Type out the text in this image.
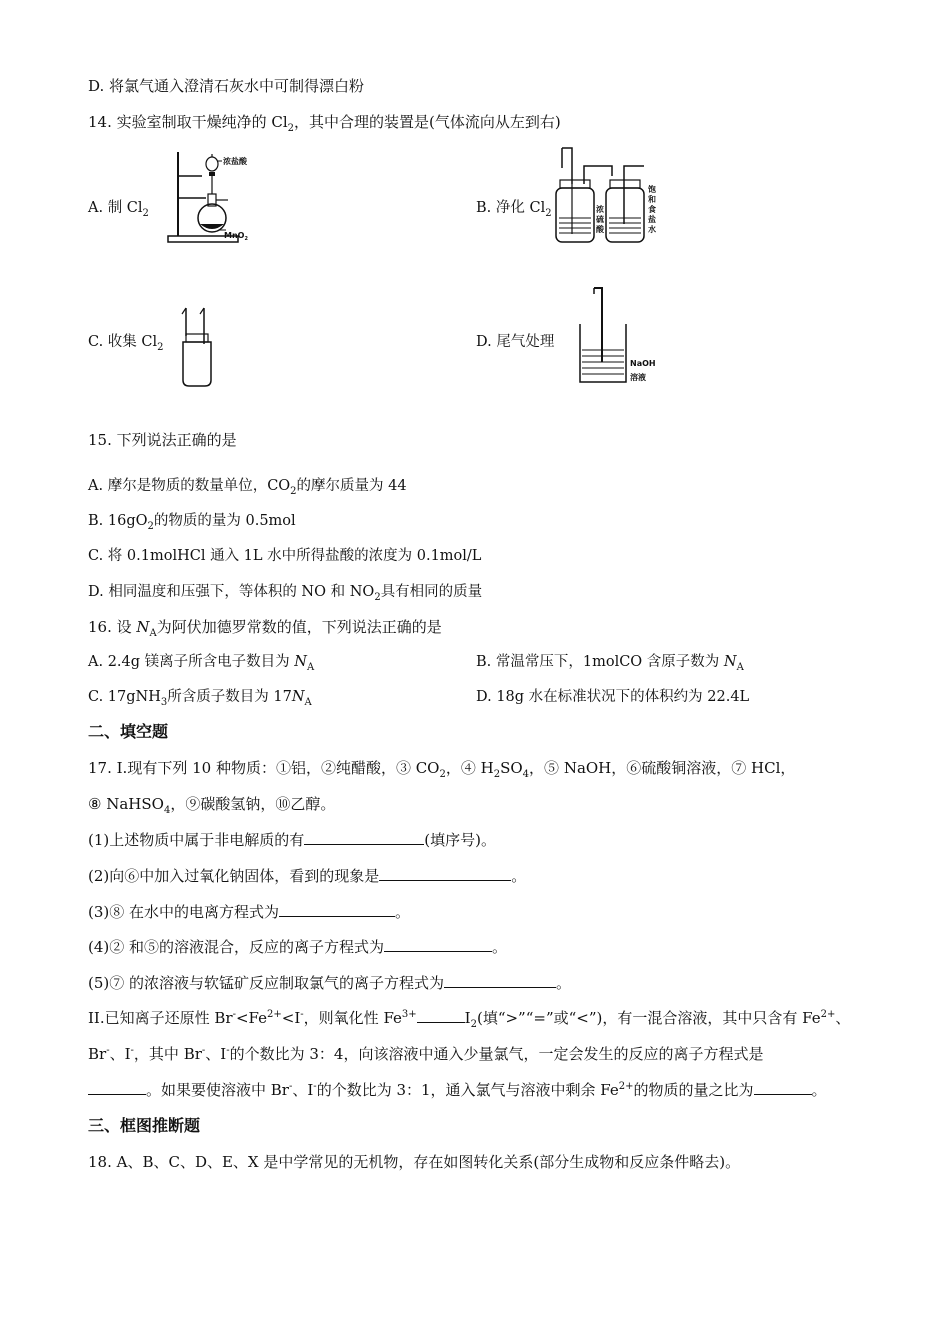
D. 将氯气通入澄清石灰水中可制得漂白粉
14. 实验室制取干燥纯净的 $Cl_2$，其中合理的装置是(气体流向从左到右)
A. 制 $Cl_2$	B. 净化 $Cl_2$
C. 收集 $Cl_2$	D. 尾气处理
浓盐酸
MnO$_2$
浓
硫
酸
饱
和
食
盐
水
NaOH
溶液
15. 下列说法正确的是
A. 摩尔是物质的数量单位，$CO_2$的摩尔质量为 44
B. $16gO_2$的物质的量为 0.5mol
C. 将 0.1molHCl 通入 1L 水中所得盐酸的浓度为 0.1mol/L
D. 相同温度和压强下，等体积的 NO 和 $NO_2$具有相同的质量
16. 设 $N_A$为阿伏加德罗常数的值，下列说法正确的是
A. 2.4g 镁离子所含电子数目为 $N_A$	B. 常温常压下，1molCO 含原子数为 $N_A$
C. 17gNH$_3$所含质子数目为 $17N_A$	D. 18g 水在标准状况下的体积约为 22.4L
二、填空题
17. I.现有下列 10 种物质：①铝，②纯醋酸，③ $CO_2$，④ $H_2SO_4$，⑤ NaOH，⑥硫酸铜溶液，⑦ HCl，
⑧ NaHSO$_4$，⑨碳酸氢钠，⑩乙醇。
(1)上述物质中属于非电解质的有	(填序号)。
(2)向⑥中加入过氧化钠固体，看到的现象是	。
(3)⑧ 在水中的电离方程式为	。
(4)② 和⑤的溶液混合，反应的离子方程式为	。
(5)⑦ 的浓溶液与软锰矿反应制取氯气的离子方程式为	。
II.已知离子还原性 $Br^-<Fe^{2+}<I^-$，则氧化性 $Fe^{3+}$	$I_2$(填“>”“=”或“<”)，有一混合溶液，其中只含有 $Fe^{2+}$、
Br-、I-，其中 Br-、I-的个数比为 3：4，向该溶液中通入少量氯气，一定会发生的反应的离子方程式是
。如果要使溶液中 Br-、I-的个数比为 3：1，通入氯气与溶液中剩余 $Fe^{2+}$的物质的量之比为	。
三、框图推断题
18. A、B、C、D、E、X 是中学常见的无机物，存在如图转化关系(部分生成物和反应条件略去)。
